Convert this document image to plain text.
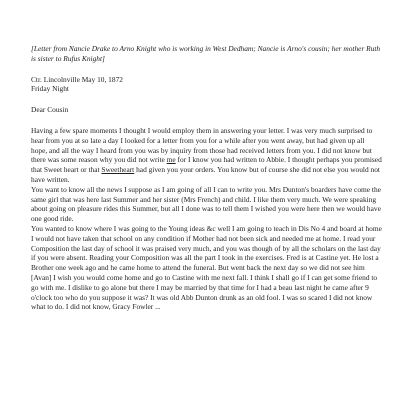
[Letter from Nancie Drake to Arno Knight who is working in West Dedham; Nancie is Arno's cousin; her mother Ruth is sister to Rufus Knight]

Ctr. Lincolnville May 10, 1872
Friday Night

Dear Cousin

Having a few spare moments I thought I would employ them in answering your letter. I was very much surprised to hear from you at so late a day I looked for a letter from you for a while after you went away, but had given up all hope, and all the way I heard from you was by inquiry from those had received letters from you. I did not know but there was some reason why you did not write me for I know you had written to Abbie. I thought perhaps you promised that Sweet heart or that Sweetheart had given you your orders. You know but of course she did not else you would not have written.

You want to know all the news I suppose as I am going of all I can to write you. Mrs Dunton's boarders have come the same girl that was here last Summer and her sister (Mrs French) and child. I like them very much. We were speaking about going on pleasure rides this Summer, but all I done was to tell them I wished you were here then we would have one good ride.

You wanted to know where I was going to the Young ideas &c well I am going to teach in Dis No 4 and board at home I would not have taken that school on any condition if Mother had not been sick and needed me at home. I read your Composition the last day of school it was praised very much, and you was though of by all the scholars on the last day if you were absent. Reading your Composition was all the part I took in the exercises. Fred is at Castine yet. He lost a Brother one week ago and he came home to attend the funeral. But went back the next day so we did not see him [Avan] I wish you would come home and go to Castine with me next fall. I think I shall go if I can get some friend to go with me. I dislike to go alone but there I may be married by that time for I had a beau last night he came after 9 o'clock too who do you suppose it was? It was old Abb Dunton drunk as an old fool. I was so scared I did not know what to do. I did not know, Gracy Fowler ...
